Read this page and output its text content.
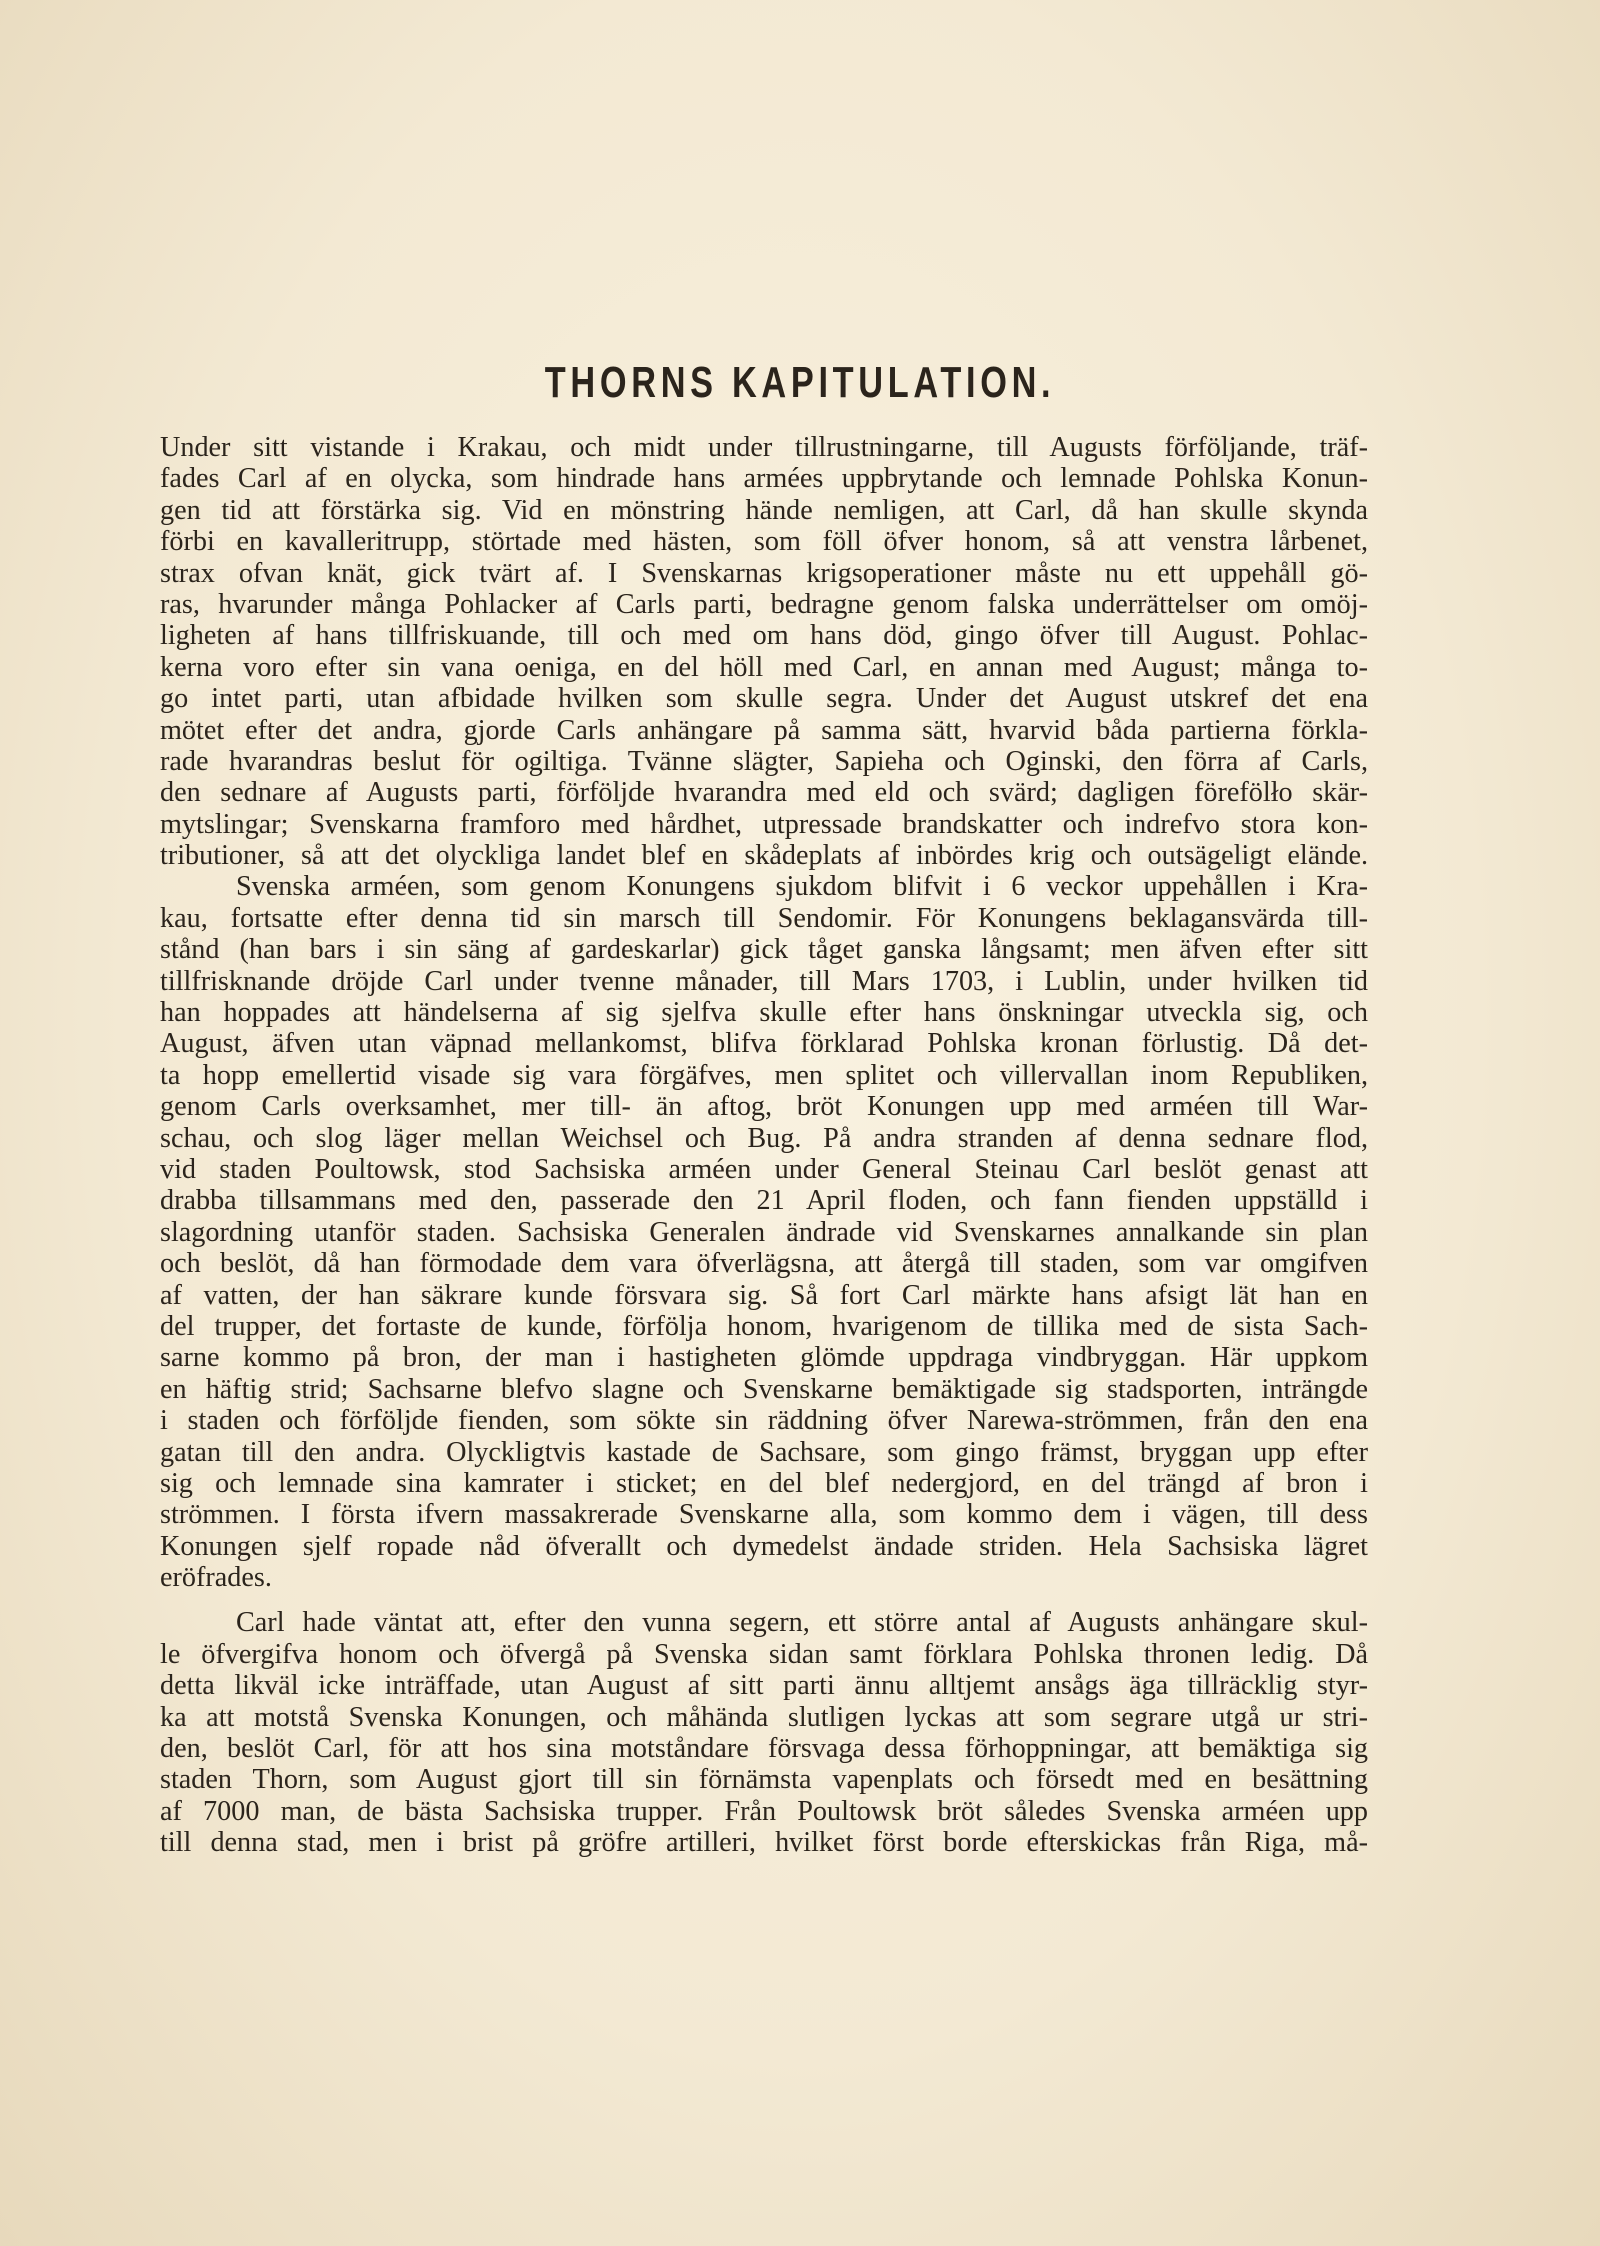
THORNS KAPITULATION.
Under sitt vistande i Krakau, och midt under tillrustningarne, till Augusts förföljande, träf-
fades Carl af en olycka, som hindrade hans armées uppbrytande och lemnade Pohlska Konun-
gen tid att förstärka sig. Vid en mönstring hände nemligen, att Carl, då han skulle skynda
förbi en kavalleritrupp, störtade med hästen, som föll öfver honom, så att venstra lårbenet,
strax ofvan knät, gick tvärt af. I Svenskarnas krigsoperationer måste nu ett uppehåll gö-
ras, hvarunder många Pohlacker af Carls parti, bedragne genom falska underrättelser om omöj-
ligheten af hans tillfriskuande, till och med om hans död, gingo öfver till August. Pohlac-
kerna voro efter sin vana oeniga, en del höll med Carl, en annan med August; många to-
go intet parti, utan afbidade hvilken som skulle segra. Under det August utskref det ena
mötet efter det andra, gjorde Carls anhängare på samma sätt, hvarvid båda partierna förkla-
rade hvarandras beslut för ogiltiga. Tvänne slägter, Sapieha och Oginski, den förra af Carls,
den sednare af Augusts parti, förföljde hvarandra med eld och svärd; dagligen förefölło skär-
mytslingar; Svenskarna framforo med hårdhet, utpressade brandskatter och indrefvo stora kon-
tributioner, så att det olyckliga landet blef en skådeplats af inbördes krig och outsägeligt elände.
Svenska arméen, som genom Konungens sjukdom blifvit i 6 veckor uppehållen i Kra-
kau, fortsatte efter denna tid sin marsch till Sendomir. För Konungens beklagansvärda till-
stånd (han bars i sin säng af gardeskarlar) gick tåget ganska långsamt; men äfven efter sitt
tillfrisknande dröjde Carl under tvenne månader, till Mars 1703, i Lublin, under hvilken tid
han hoppades att händelserna af sig sjelfva skulle efter hans önskningar utveckla sig, och
August, äfven utan väpnad mellankomst, blifva förklarad Pohlska kronan förlustig. Då det-
ta hopp emellertid visade sig vara förgäfves, men splitet och villervallan inom Republiken,
genom Carls overksamhet, mer till- än aftog, bröt Konungen upp med arméen till War-
schau, och slog läger mellan Weichsel och Bug. På andra stranden af denna sednare flod,
vid staden Poultowsk, stod Sachsiska arméen under General Steinau Carl beslöt genast att
drabba tillsammans med den, passerade den 21 April floden, och fann fienden uppställd i
slagordning utanför staden. Sachsiska Generalen ändrade vid Svenskarnes annalkande sin plan
och beslöt, då han förmodade dem vara öfverlägsna, att återgå till staden, som var omgifven
af vatten, der han säkrare kunde försvara sig. Så fort Carl märkte hans afsigt lät han en
del trupper, det fortaste de kunde, förfölja honom, hvarigenom de tillika med de sista Sach-
sarne kommo på bron, der man i hastigheten glömde uppdraga vindbryggan. Här uppkom
en häftig strid; Sachsarne blefvo slagne och Svenskarne bemäktigade sig stadsporten, inträngde
i staden och förföljde fienden, som sökte sin räddning öfver Narewa-strömmen, från den ena
gatan till den andra. Olyckligtvis kastade de Sachsare, som gingo främst, bryggan upp efter
sig och lemnade sina kamrater i sticket; en del blef nedergjord, en del trängd af bron i
strömmen. I första ifvern massakrerade Svenskarne alla, som kommo dem i vägen, till dess
Konungen sjelf ropade nåd öfverallt och dymedelst ändade striden. Hela Sachsiska lägret
eröfrades.
Carl hade väntat att, efter den vunna segern, ett större antal af Augusts anhängare skul-
le öfvergifva honom och öfvergå på Svenska sidan samt förklara Pohlska thronen ledig. Då
detta likväl icke inträffade, utan August af sitt parti ännu alltjemt ansågs äga tillräcklig styr-
ka att motstå Svenska Konungen, och måhända slutligen lyckas att som segrare utgå ur stri-
den, beslöt Carl, för att hos sina motståndare försvaga dessa förhoppningar, att bemäktiga sig
staden Thorn, som August gjort till sin förnämsta vapenplats och försedt med en besättning
af 7000 man, de bästa Sachsiska trupper. Från Poultowsk bröt således Svenska arméen upp
till denna stad, men i brist på gröfre artilleri, hvilket först borde efterskickas från Riga, må-
